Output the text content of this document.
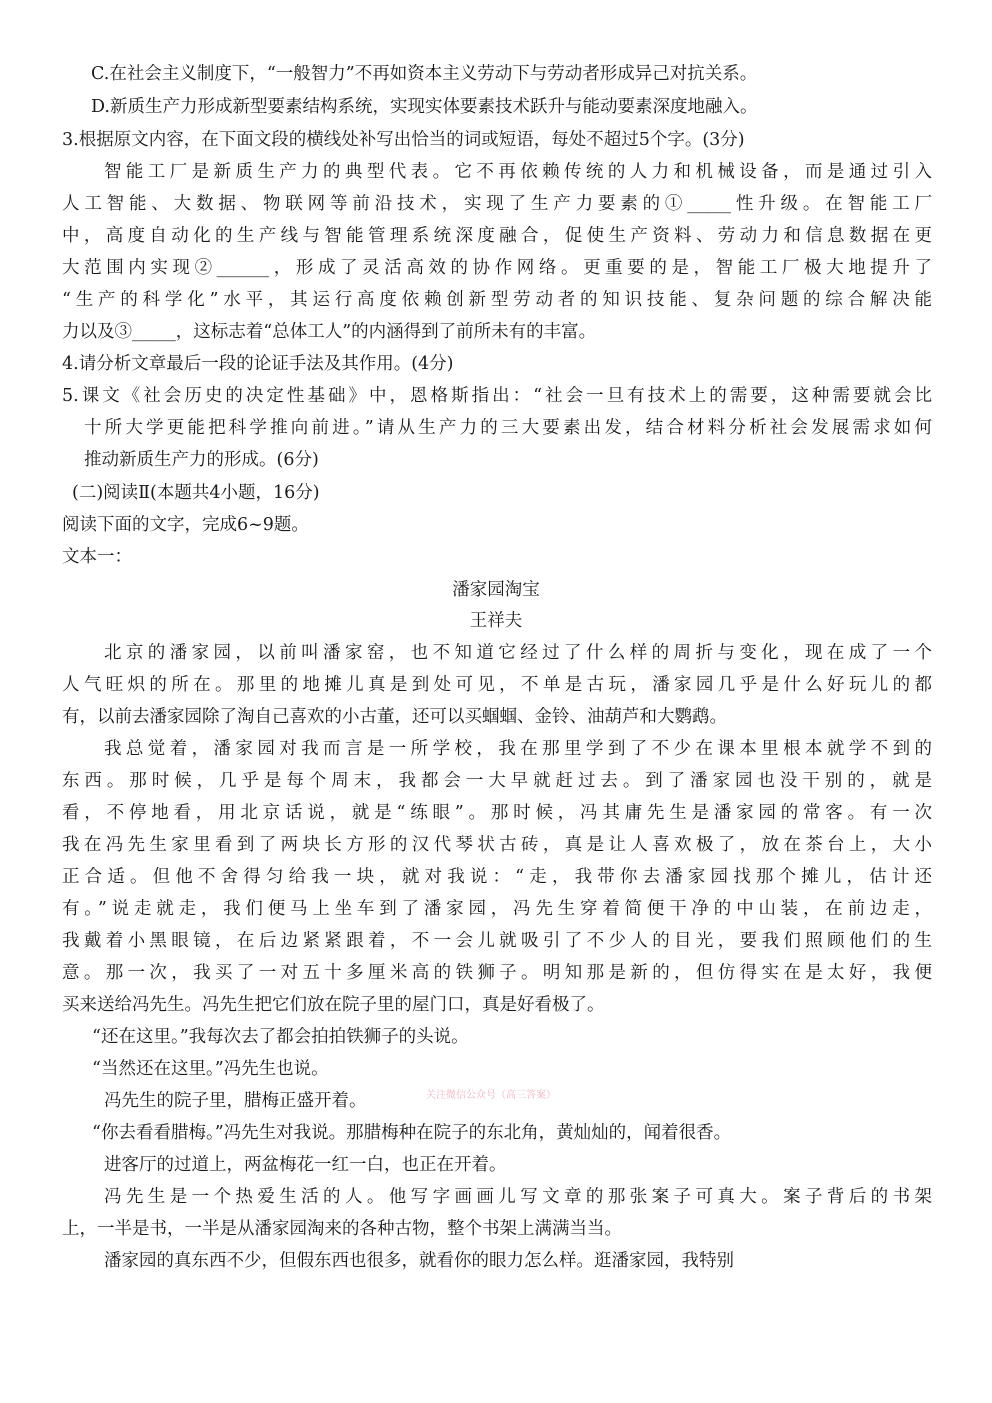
C.在社会主义制度下，“一般智力”不再如资本主义劳动下与劳动者形成异己对抗关系。
D.新质生产力形成新型要素结构系统，实现实体要素技术跃升与能动要素深度地融入。
3.根据原文内容，在下面文段的横线处补写出恰当的词或短语，每处不超过5个字。(3分)
智能工厂是新质生产力的典型代表。它不再依赖传统的人力和机械设备，而是通过引入
人工智能、大数据、物联网等前沿技术，实现了生产力要素的①_____性升级。在智能工厂
中，高度自动化的生产线与智能管理系统深度融合，促使生产资料、劳动力和信息数据在更
大范围内实现②______，形成了灵活高效的协作网络。更重要的是，智能工厂极大地提升了
“生产的科学化”水平，其运行高度依赖创新型劳动者的知识技能、复杂问题的综合解决能
力以及③_____，这标志着“总体工人”的内涵得到了前所未有的丰富。
4.请分析文章最后一段的论证手法及其作用。(4分)
5.课文《社会历史的决定性基础》中，恩格斯指出：“社会一旦有技术上的需要，这种需要就会比
十所大学更能把科学推向前进。”请从生产力的三大要素出发，结合材料分析社会发展需求如何
推动新质生产力的形成。(6分)
(二)阅读Ⅱ(本题共4小题，16分)
阅读下面的文字，完成6~9题。
文本一：
潘家园淘宝
王祥夫
北京的潘家园，以前叫潘家窑，也不知道它经过了什么样的周折与变化，现在成了一个
人气旺炽的所在。那里的地摊儿真是到处可见，不单是古玩，潘家园几乎是什么好玩儿的都
有，以前去潘家园除了淘自己喜欢的小古董，还可以买蝈蝈、金铃、油葫芦和大鹦鹉。
我总觉着，潘家园对我而言是一所学校，我在那里学到了不少在课本里根本就学不到的
东西。那时候，几乎是每个周末，我都会一大早就赶过去。到了潘家园也没干别的，就是
看，不停地看，用北京话说，就是“练眼”。那时候，冯其庸先生是潘家园的常客。有一次
我在冯先生家里看到了两块长方形的汉代琴状古砖，真是让人喜欢极了，放在茶台上，大小
正合适。但他不舍得匀给我一块，就对我说：“走，我带你去潘家园找那个摊儿，估计还
有。”说走就走，我们便马上坐车到了潘家园，冯先生穿着简便干净的中山装，在前边走，
我戴着小黑眼镜，在后边紧紧跟着，不一会儿就吸引了不少人的目光，要我们照顾他们的生
意。那一次，我买了一对五十多厘米高的铁狮子。明知那是新的，但仿得实在是太好，我便
买来送给冯先生。冯先生把它们放在院子里的屋门口，真是好看极了。
“还在这里。”我每次去了都会拍拍铁狮子的头说。
“当然还在这里。”冯先生也说。
冯先生的院子里，腊梅正盛开着。	关注微信公众号（高三答案）
“你去看看腊梅。”冯先生对我说。那腊梅种在院子的东北角，黄灿灿的，闻着很香。
进客厅的过道上，两盆梅花一红一白，也正在开着。
冯先生是一个热爱生活的人。他写字画画儿写文章的那张案子可真大。案子背后的书架
上，一半是书，一半是从潘家园淘来的各种古物，整个书架上满满当当。
潘家园的真东西不少，但假东西也很多，就看你的眼力怎么样。逛潘家园，我特别
